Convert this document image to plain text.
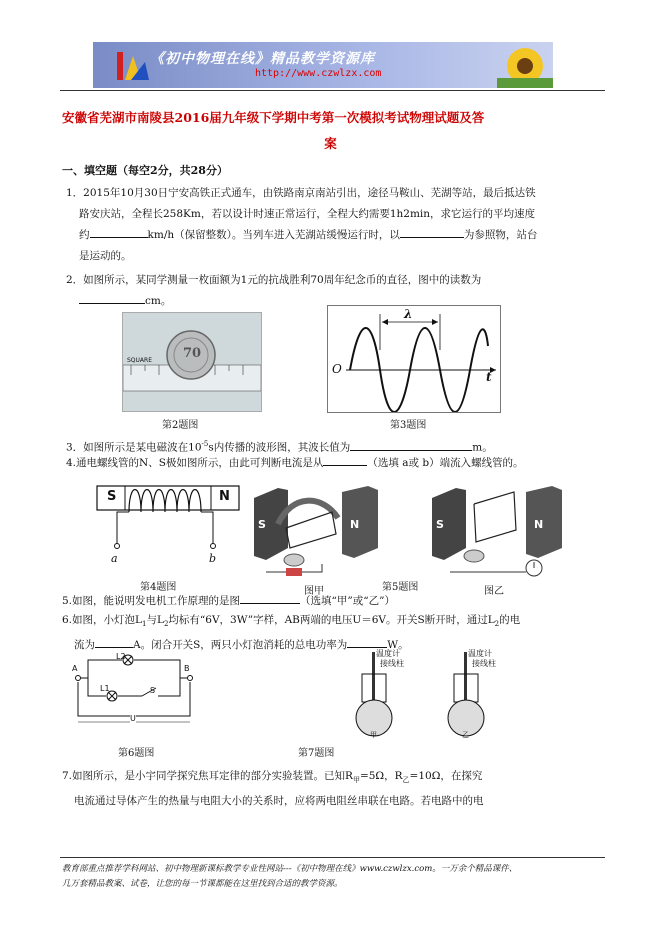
《初中物理在线》精品教学资源库
http://www.czwlzx.com
安徽省芜湖市南陵县2016届九年级下学期中考第一次模拟考试物理试题及答
案
一、填空题（每空2分，共28分）
1．2015年10月30日宁安高铁正式通车，由铁路南京南站引出，途径马鞍山、芜湖等站，最后抵达铁
路安庆站，全程长258Km，若以设计时速正常运行，全程大约需要1h2min，求它运行的平均速度
约	km/h（保留整数）。当列车进入芜湖站缓慢运行时，以	为参照物，站台
是运动的。
2．如图所示，某同学测量一枚面额为1元的抗战胜利70周年纪念币的直径，图中的读数为
cm。
SQUARE 70
第2题图
λ
O
t
第3题图
3．如图所示是某电磁波在$10^{-5}s$内传播的波形图，其波长值为	m。
4.通电螺线管的N、S极如图所示，由此可判断电流是从	（选填 a或 b）端流入螺线管的。
S	N
a	b
第4题图
S	N
图甲	第5题图
S	N
图乙
5.如图，能说明发电机工作原理的是图	（选填“甲”或“乙”）
6.如图，小灯泡$L_1$与$L_2$均标有“6V，3W”字样，AB两端的电压U＝6V。开关S断开时，通过$L_2$的电
流为	A。闭合开关S，两只小灯泡消耗的总电功率为	W。
A	B
L2
L1	S
U
第6题图
温度计
接线柱
温度计
接线柱
甲	乙
第7题图
7.如图所示，是小宇同学探究焦耳定律的部分实验装置。已知$R_甲=5\Omega$，$R_乙=10\Omega$，在探究
电流通过导体产生的热量与电阻大小的关系时，应将两电阻丝串联在电路。若电路中的电
教育部重点推荐学科网站、初中物理新课标教学专业性网站---《初中物理在线》www.czwlzx.com。一万余个精品课件、
几万套精品教案、试卷，让您的每一节课都能在这里找到合适的教学资源。
